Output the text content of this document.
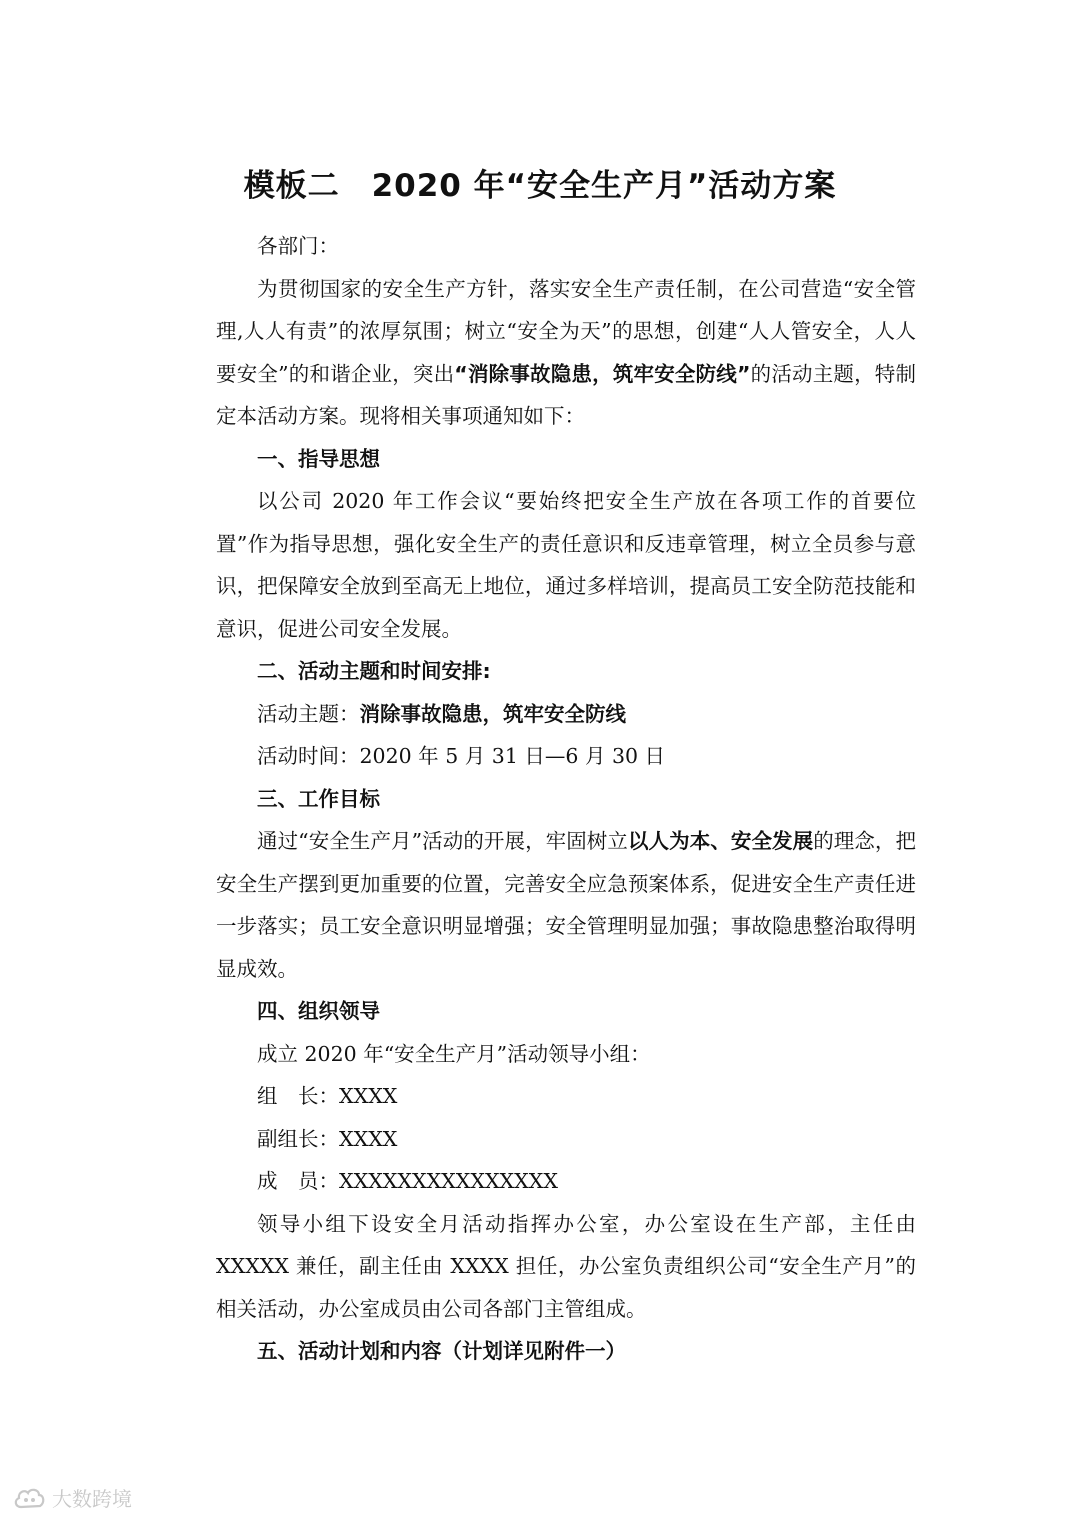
模板二　2020 年“安全生产月”活动方案

各部门：

为贯彻国家的安全生产方针，落实安全生产责任制，在公司营造“安全管理,人人有责”的浓厚氛围；树立“安全为天”的思想，创建“人人管安全，人人要安全”的和谐企业，突出“消除事故隐患，筑牢安全防线”的活动主题，特制定本活动方案。现将相关事项通知如下：

一、指导思想

以公司 2020 年工作会议“要始终把安全生产放在各项工作的首要位置”作为指导思想，强化安全生产的责任意识和反违章管理，树立全员参与意识，把保障安全放到至高无上地位，通过多样培训，提高员工安全防范技能和意识，促进公司安全发展。

二、活动主题和时间安排:

活动主题：消除事故隐患，筑牢安全防线

活动时间：2020 年 5 月 31 日—6 月 30 日

三、工作目标

通过“安全生产月”活动的开展，牢固树立以人为本、安全发展的理念，把安全生产摆到更加重要的位置，完善安全应急预案体系，促进安全生产责任进一步落实；员工安全意识明显增强；安全管理明显加强；事故隐患整治取得明显成效。

四、组织领导

成立 2020 年“安全生产月”活动领导小组：

组　长：XXXX

副组长：XXXX

成　员：XXXXXXXXXXXXXXX

领导小组下设安全月活动指挥办公室，办公室设在生产部，主任由 XXXXX 兼任，副主任由 XXXX 担任，办公室负责组织公司“安全生产月”的相关活动，办公室成员由公司各部门主管组成。

五、活动计划和内容（计划详见附件一）

大数跨境
